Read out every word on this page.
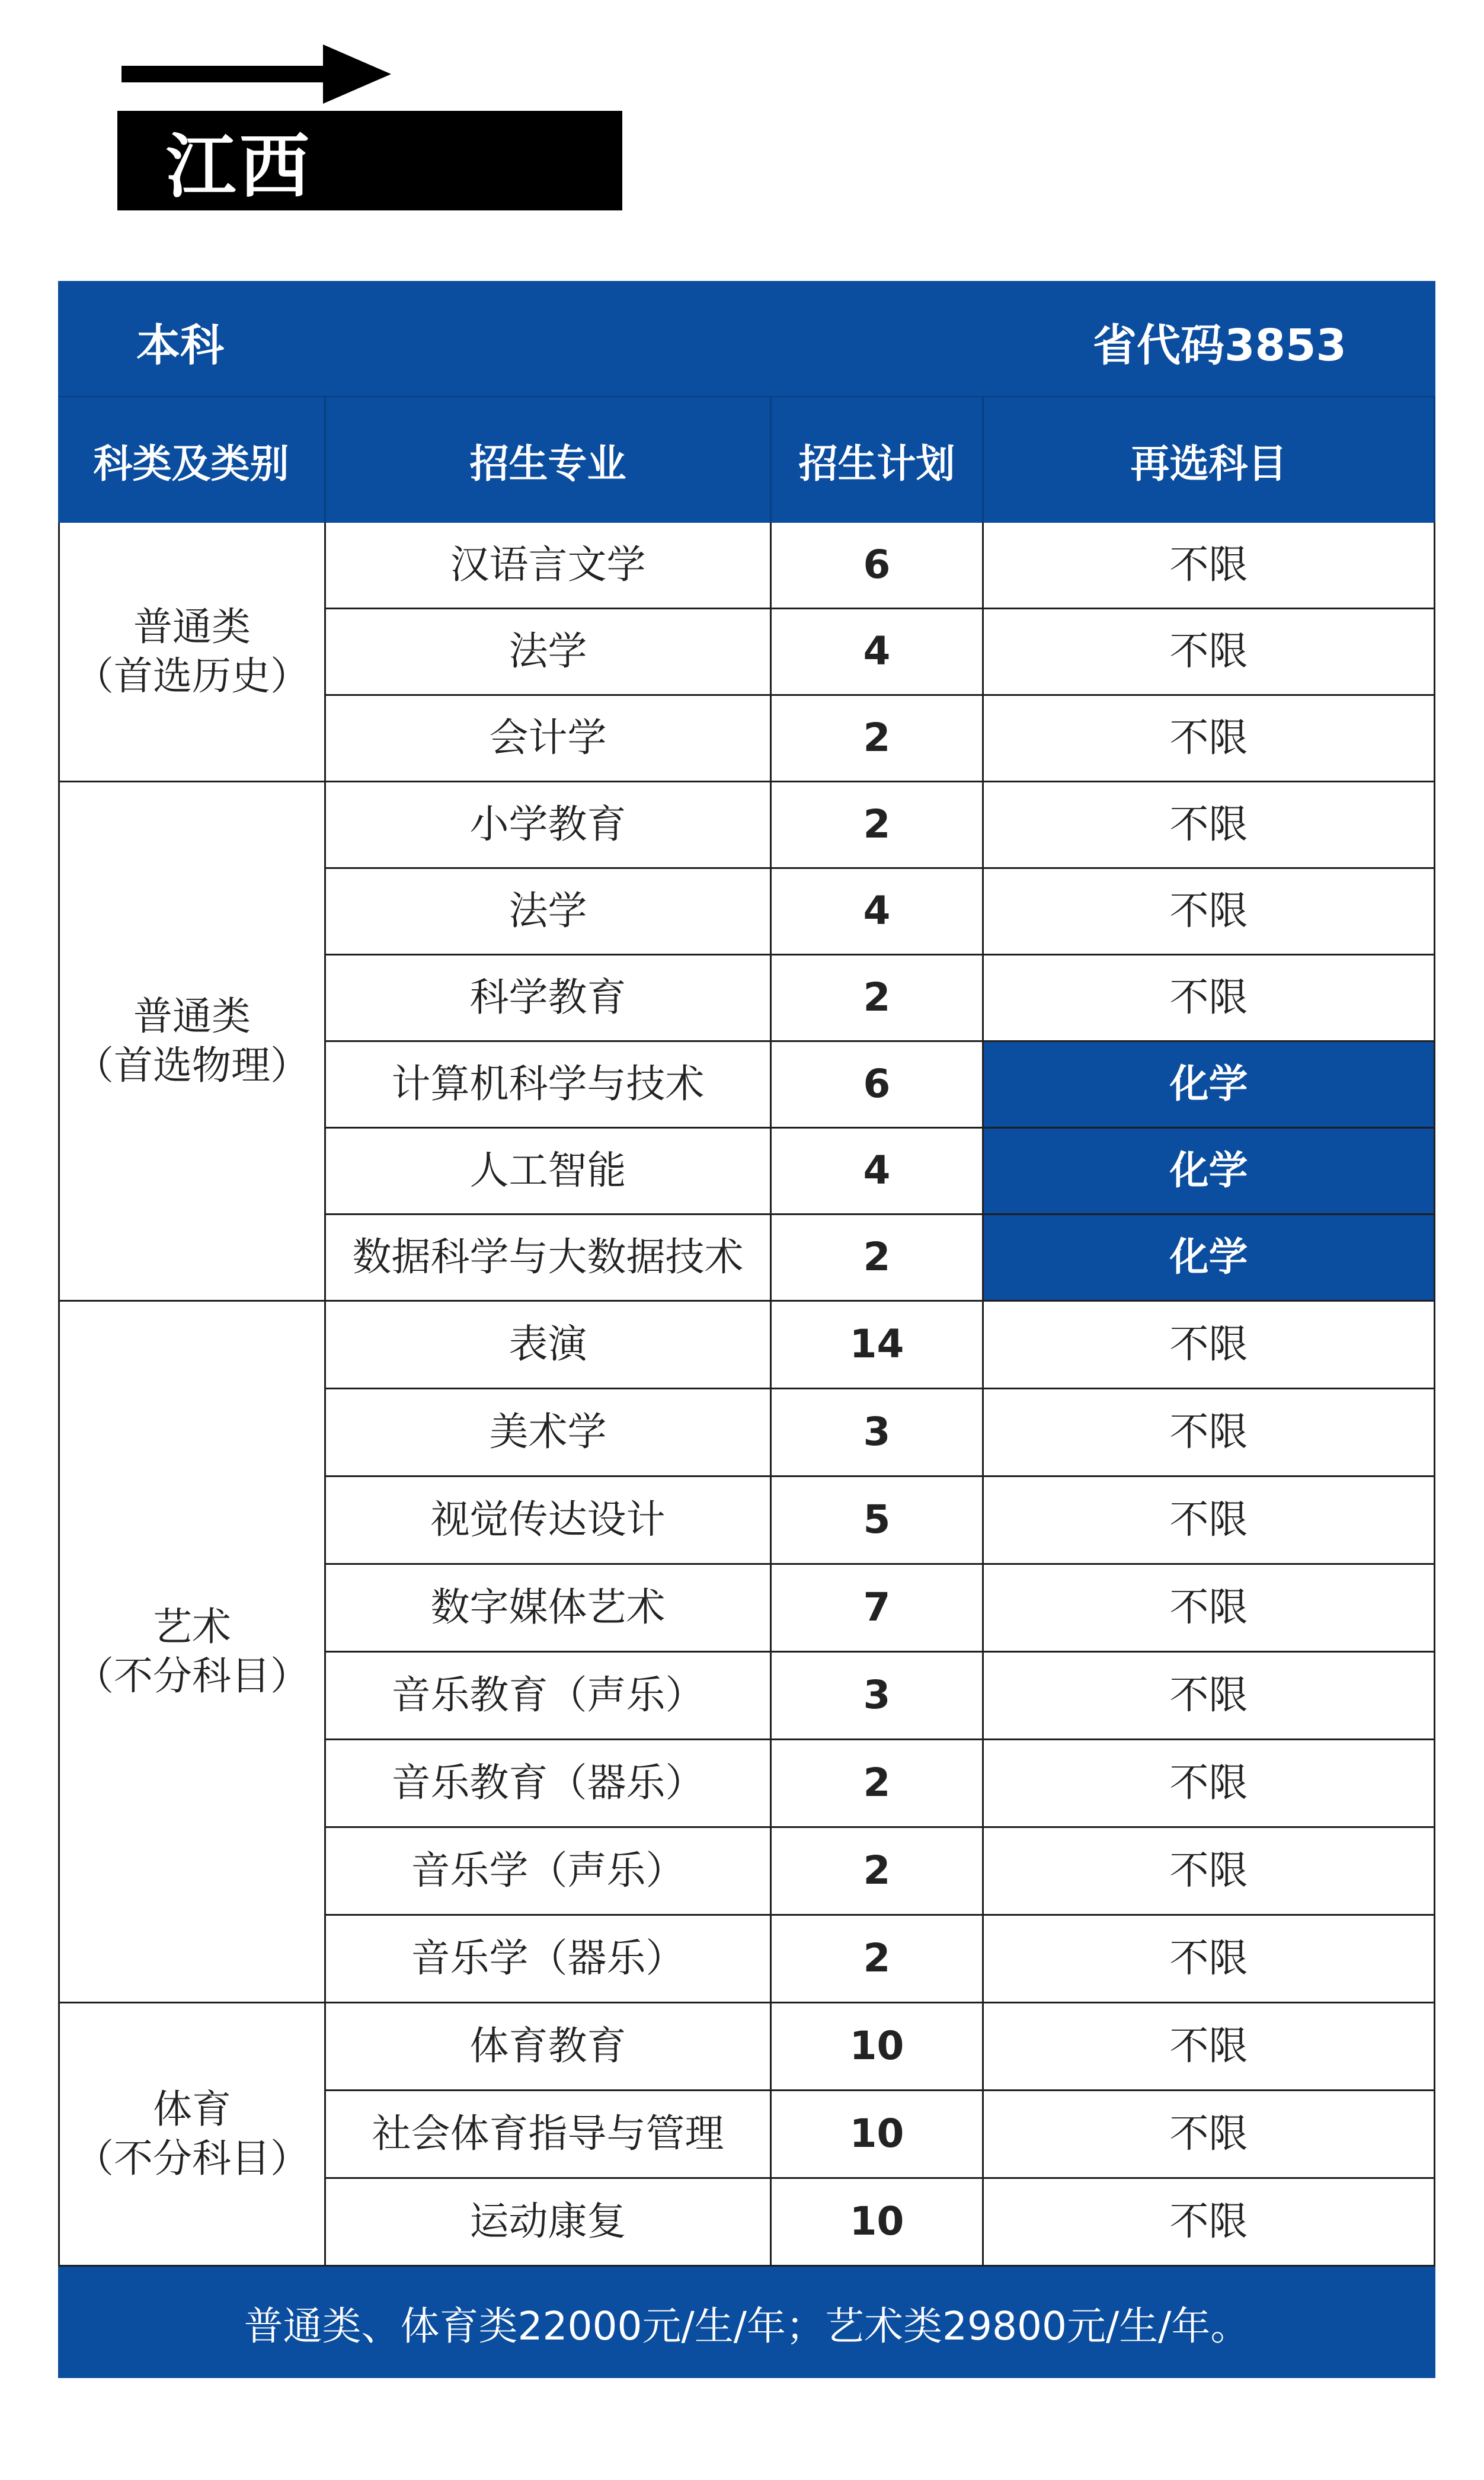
江西
本科	省代码3853
科类及类别	招生专业	招生计划	再选科目
普通类
（首选历史）
汉语言文学	6	不限
法学	4	不限
会计学	2	不限
普通类
（首选物理）
小学教育	2	不限
法学	4	不限
科学教育	2	不限
计算机科学与技术	6	化学
人工智能	4	化学
数据科学与大数据技术	2	化学
艺术
（不分科目）
表演	14	不限
美术学	3	不限
视觉传达设计	5	不限
数字媒体艺术	7	不限
音乐教育（声乐）	3	不限
音乐教育（器乐）	2	不限
音乐学（声乐）	2	不限
音乐学（器乐）	2	不限
体育
（不分科目）
体育教育	10	不限
社会体育指导与管理	10	不限
运动康复	10	不限
普通类、体育类22000元/生/年；艺术类29800元/生/年。
